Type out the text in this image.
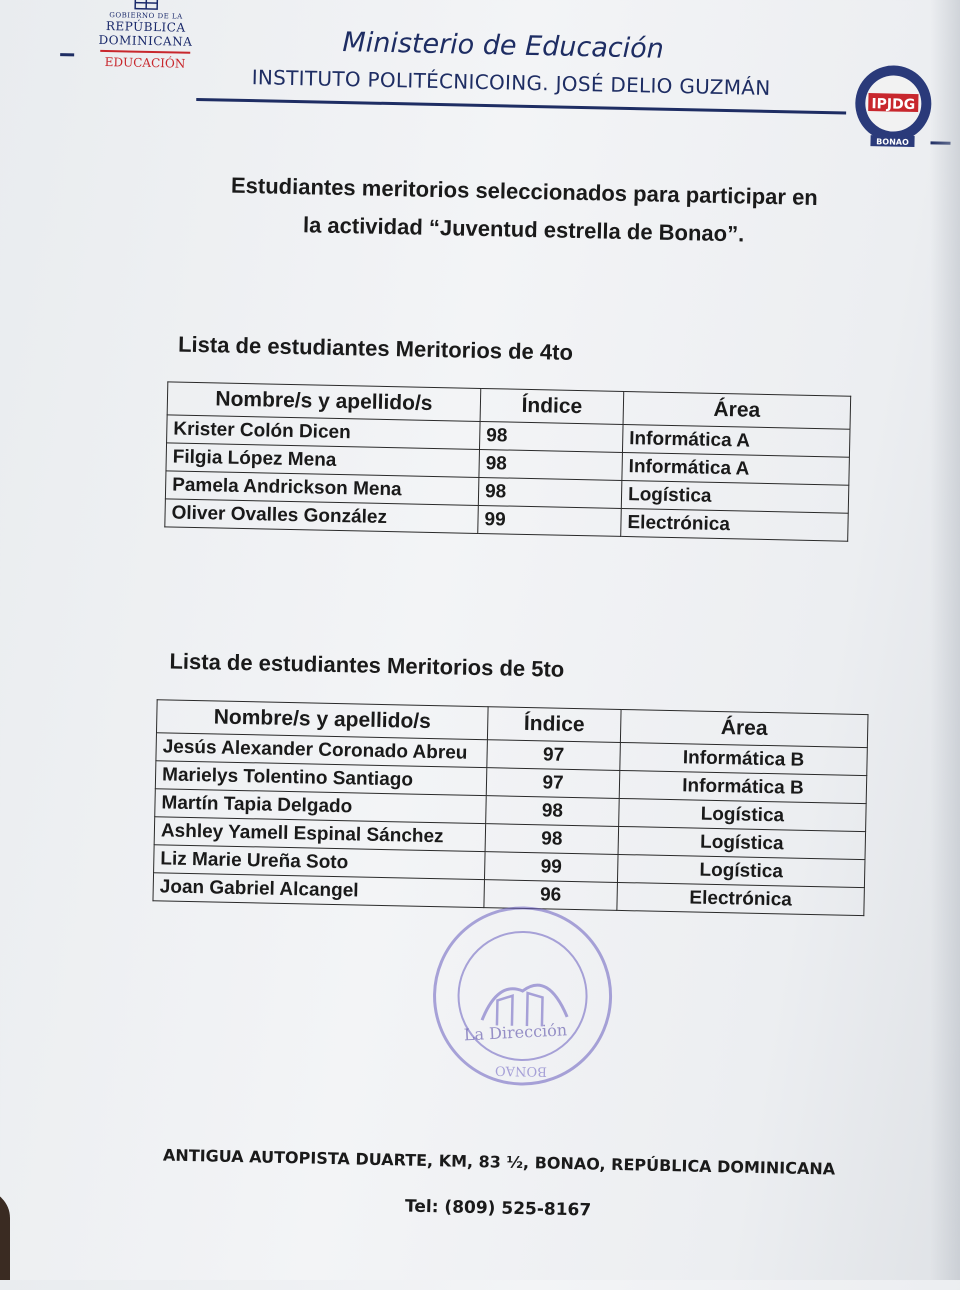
GOBIERNO DE LA
REPÚBLICA DOMINICANA
EDUCACIÓN	Ministerio de Educación
INSTITUTO POLITÉCNICOING. JOSÉ DELIO GUZMÁN
IPJDG
BONAO
Estudiantes meritorios seleccionados para participar en
la actividad “Juventud estrella de Bonao”.
Lista de estudiantes Meritorios de 4to
Nombre/s y apellido/s	Índice	Área
Krister Colón Dicen	98	Informática A
Filgia López Mena	98	Informática A
Pamela Andrickson Mena	98	Logística
Oliver Ovalles González	99	Electrónica
Lista de estudiantes Meritorios de 5to
Nombre/s y apellido/s	Índice	Área
Jesús Alexander Coronado Abreu	97	Informática B
Marielys Tolentino Santiago	97	Informática B
Martín Tapia Delgado	98	Logística
Ashley Yamell Espinal Sánchez	98	Logística
Liz Marie Ureña Soto	99	Logística
Joan Gabriel Alcangel	96	Electrónica
BONAO
La Dirección
ANTIGUA AUTOPISTA DUARTE, KM, 83 ½, BONAO, REPÚBLICA DOMINICANA
Tel: (809) 525-8167
